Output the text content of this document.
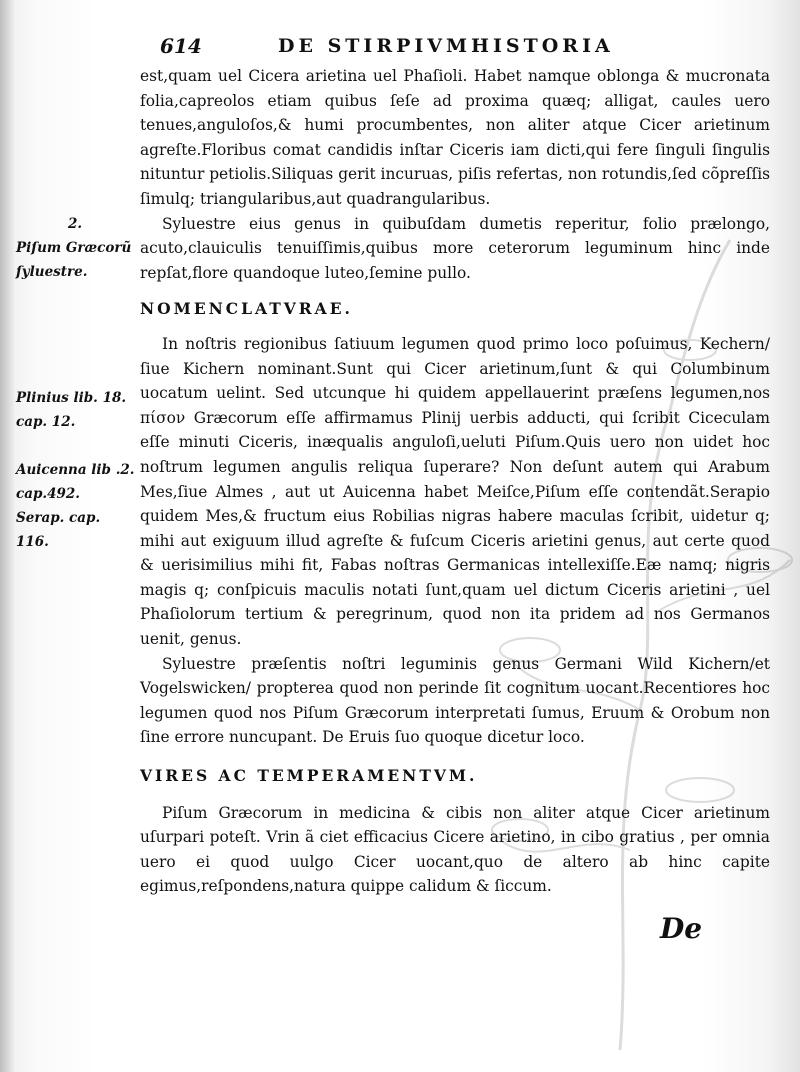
614	DE STIRPIVMHISTORIA

est,quam uel Cicera arietina uel Phaſioli. Habet namque oblonga & mucronata folia,capreolos etiam quibus ſeſe ad proxima quæq; alligat, caules uero tenues,anguloſos,& humi procumbentes, non aliter atque Cicer arietinum agreſte.Floribus comat candidis inſtar Ciceris iam dicti,qui fere ſinguli ſingulis nituntur petiolis.Siliquas gerit incuruas, piſis refertas, non rotundis,ſed cõpreſſis ſimulq; triangularibus,aut quadrangularibus.

Syluestre eius genus in quibuſdam dumetis reperitur, folio prælongo, acuto,clauiculis tenuiſſimis,quibus more ceterorum leguminum hinc inde repſat,flore quandoque luteo,ſemine pullo.

NOMENCLATVRAE.

In noſtris regionibus ſatiuum legumen quod primo loco poſuimus, Kechern/ſiue Kichern nominant.Sunt qui Cicer arietinum,ſunt & qui Columbinum uocatum uelint. Sed utcunque hi quidem appellauerint præſens legumen,nos πίσον Græcorum eſſe affirmamus Plinij uerbis adducti, qui ſcribit Ciceculam eſſe minuti Ciceris, inæqualis anguloſi,ueluti Piſum.Quis uero non uidet hoc noſtrum legumen angulis reliqua ſuperare? Non deſunt autem qui Arabum Mes,ſiue Almes , aut ut Auicenna habet Meiſce,Piſum eſſe contendãt.Serapio quidem Mes,& fructum eius Robilias nigras habere maculas ſcribit, uidetur q; mihi aut exiguum illud agreſte & fuſcum Ciceris arietini genus, aut certe quod & uerisimilius mihi fit, Fabas noſtras Germanicas intellexiſſe.Eæ namq; nigris magis q; conſpicuis maculis notati ſunt,quam uel dictum Ciceris arietini , uel Phaſiolorum tertium & peregrinum, quod non ita pridem ad nos Germanos uenit, genus.

Syluestre præſentis noſtri leguminis genus Germani Wild Kichern/et Vogelswicken/ propterea quod non perinde ſit cognitum uocant.Recentiores hoc legumen quod nos Piſum Græcorum interpretati ſumus, Eruum & Orobum non ſine errore nuncupant. De Eruis ſuo quoque dicetur loco.

VIRES AC TEMPERAMENTVM.

Piſum Græcorum in medicina & cibis non aliter atque Cicer arietinum uſurpari poteſt. Vrin ã ciet efficacius Cicere arietino, in cibo gratius , per omnia uero ei quod uulgo Cicer uocant,quo de altero ab hinc capite egimus,reſpondens,natura quippe calidum & ſiccum.

2.
Piſum Græcorũ
ſyluestre.
Plinius lib. 18.
cap. 12.
Auicenna lib .2.
cap.492.
Serap. cap. 116.
De
